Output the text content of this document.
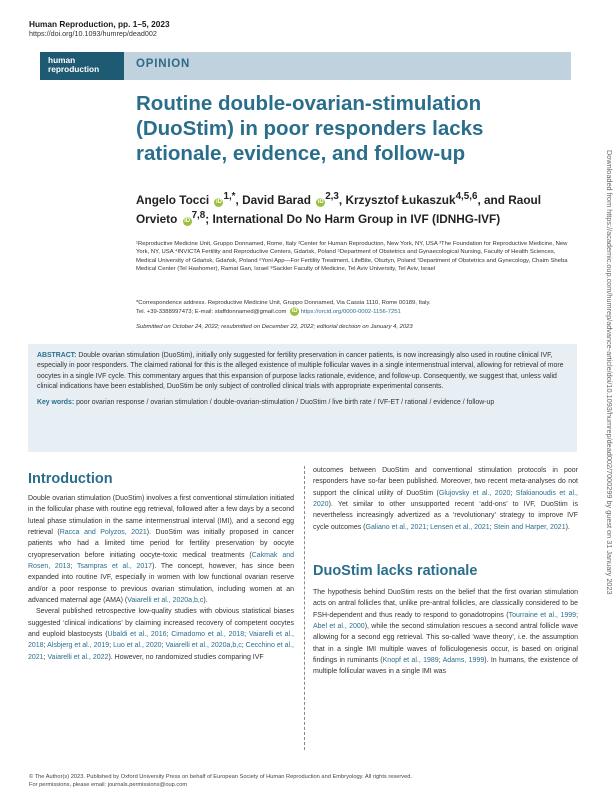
Human Reproduction, pp. 1–5, 2023
https://doi.org/10.1093/humrep/dead002
human
reproduction	OPINION
Routine double-ovarian-stimulation (DuoStim) in poor responders lacks rationale, evidence, and follow-up
Angelo Tocci iD $^{1,*}$, David Barad iD $^{2,3}$, Krzysztof Łukaszuk$^{4,5,6}$, and Raoul Orvieto iD $^{7,8}$; International Do No Harm Group in IVF (IDNHG-IVF)
¹Reproductive Medicine Unit, Gruppo Donnamed, Rome, Italy ²Center for Human Reproduction, New York, NY, USA ³The Foundation for Reproductive Medicine, New York, NY, USA ⁴INVICTA Fertility and Reproductive Centers, Gdańsk, Poland ⁵Department of Obstetrics and Gynaecological Nursing, Faculty of Health Sciences, Medical University of Gdańsk, Gdańsk, Poland ⁶Yoni App—For Fertility Treatment, LifeBite, Olsztyn, Poland ⁷Department of Obstetrics and Gynecology, Chaim Sheba Medical Center (Tel Hashomer), Ramat Gan, Israel ⁸Sackler Faculty of Medicine, Tel Aviv University, Tel Aviv, Israel
*Correspondence address. Reproductive Medicine Unit, Gruppo Donnamed, Via Cassia 1110, Rome 00189, Italy.
Tel. +39-3388997473; E-mail: staffdonnamed@gmail.com iD https://orcid.org/0000-0002-1156-7251
Submitted on October 24, 2022; resubmitted on December 22, 2022; editorial decision on January 4, 2023

ABSTRACT: Double ovarian stimulation (DuoStim), initially only suggested for fertility preservation in cancer patients, is now increasingly also used in routine clinical IVF, especially in poor responders. The claimed rational for this is the alleged existence of multiple follicular waves in a single intermenstrual interval, allowing for retrieval of more oocytes in a single IVF cycle. This commentary argues that this expansion of purpose lacks rationale, evidence, and follow-up. Consequently, we suggest that, unless valid clinical indications have been established, DuoStim be only subject of controlled clinical trials with appropriate experimental consents.

Key words: poor ovarian response / ovarian stimulation / double-ovarian-stimulation / DuoStim / live birth rate / IVF-ET / rational / evidence / follow-up

Introduction

Double ovarian stimulation (DuoStim) involves a first conventional stimulation initiated in the follicular phase with routine egg retrieval, followed after a few days by a second luteal phase stimulation in the same intermenstrual interval (IMI), and a second egg retrieval (Racca and Polyzos, 2021). DuoStim was initially proposed in cancer patients who had a limited time period for fertility preservation by oocyte cryopreservation before initiating oocyte-toxic medical treatments (Cakmak and Rosen, 2013; Tsampras et al., 2017). The concept, however, has since been expanded into routine IVF, especially in women with low functional ovarian reserve and/or a poor response to previous ovarian stimulation, including women at an advanced maternal age (AMA) (Vaiarelli et al., 2020a,b,c).

Several published retrospective low-quality studies with obvious statistical biases suggested ‘clinical indications’ by claiming increased recovery of competent oocytes and euploid blastocysts (Ubaldi et al., 2016; Cimadomo et al., 2018; Vaiarelli et al., 2018; Alsbjerg et al., 2019; Luo et al., 2020; Vaiarelli et al., 2020a,b,c; Cecchino et al., 2021; Vaiarelli et al., 2022). However, no randomized studies comparing IVF

outcomes between DuoStim and conventional stimulation protocols in poor responders have so-far been published. Moreover, two recent meta-analyses do not support the clinical utility of DuoStim (Glujovsky et al., 2020; Sfakianoudis et al., 2020). Yet similar to other unsupported recent ‘add-ons’ to IVF, DuoStim is nevertheless increasingly advertized as a ‘revolutionary’ strategy to improve IVF cycle outcomes (Galiano et al., 2021; Lensen et al., 2021; Stein and Harper, 2021).

DuoStim lacks rationale

The hypothesis behind DuoStim rests on the belief that the first ovarian stimulation acts on antral follicles that, unlike pre-antral follicles, are classically considered to be FSH-dependent and thus ready to respond to gonadotropins (Tourraine et al., 1999; Abel et al., 2000), while the second stimulation rescues a second antral follicle wave allowing for a second egg retrieval. This so-called ‘wave theory’, i.e. the assumption that in a single IMI multiple waves of folliculogenesis occur, is based on original findings in ruminants (Knopf et al., 1989; Adams, 1999). In humans, the existence of multiple follicular waves in a single IMI was

© The Author(s) 2023. Published by Oxford University Press on behalf of European Society of Human Reproduction and Embryology. All rights reserved.
For permissions, please email: journals.permissions@oup.com
Downloaded from https://academic.oup.com/humrep/advance-article/doi/10.1093/humrep/dead002/7000299 by guest on 31 January 2023
